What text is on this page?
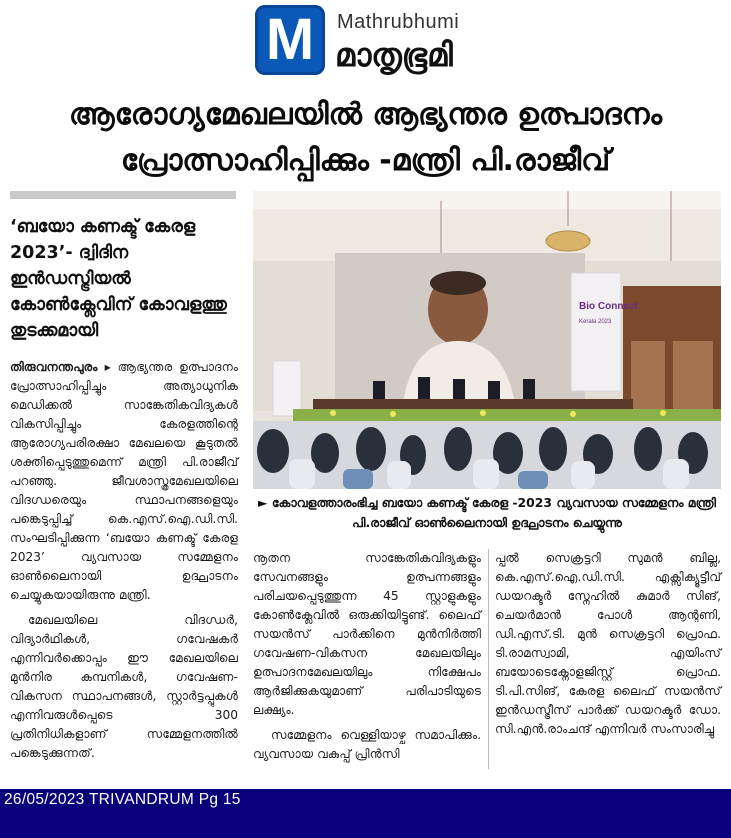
M	Mathrubhumi
മാതൃഭൂമി
ആരോഗ്യമേഖലയിൽ ആഭ്യന്തര ഉത്പാദനം
പ്രോത്സാഹിപ്പിക്കും -മന്ത്രി പി.രാജീവ്
‘ബയോ കണക്ട് കേരള 2023’- ദ്വിദിന ഇൻഡസ്ട്രിയൽ കോൺക്ലേവിന് കോവളത്തു തുടക്കമായി

തിരുവനന്തപുരം ▸ ആഭ്യന്തര ഉത്പാദനം പ്രോത്സാഹിപ്പിച്ചും അത്യാധുനിക മെഡിക്കൽ സാങ്കേതികവിദ്യകൾ വികസിപ്പിച്ചും കേരളത്തിന്റെ ആരോഗ്യപരിരക്ഷാ മേഖലയെ കൂടുതൽ ശക്തിപ്പെടുത്തുമെന്ന് മന്ത്രി പി.രാജീവ് പറഞ്ഞു. ജീവശാസ്ത്രമേഖലയിലെ വിദഗ്ധരെയും സ്ഥാപനങ്ങളെയും പങ്കെടുപ്പിച്ച് കെ.എസ്.ഐ.ഡി.സി. സംഘടിപ്പിക്കുന്ന ‘ബയോ കണക്ട് കേരള 2023’ വ്യവസായ സമ്മേളനം ഓൺലൈനായി ഉദ്ഘാടനം ചെയ്യുകയായിരുന്നു മന്ത്രി.

മേഖലയിലെ വിദഗ്ധർ, വിദ്യാർഥികൾ, ഗവേഷകർ എന്നിവർക്കൊപ്പം ഈ മേഖലയിലെ മുൻനിര കമ്പനികൾ, ഗവേഷണ-വികസന സ്ഥാപനങ്ങൾ, സ്റ്റാർട്ടപ്പുകൾ എന്നിവരുൾപ്പെടെ 300 പ്രതിനിധികളാണ് സമ്മേളനത്തിൽ പങ്കെടുക്കുന്നത്.

Bio Connect
Kerala 2023
► കോവളത്താരംഭിച്ച ബയോ കണക്ട് കേരള -2023 വ്യവസായ സമ്മേളനം മന്ത്രി പി.രാജീവ് ഓൺലൈനായി ഉദ്ഘാടനം ചെയ്യുന്നു

നൂതന സാങ്കേതികവിദ്യകളും സേവനങ്ങളും ഉത്പന്നങ്ങളും പരിചയപ്പെടുത്തുന്ന 45 സ്റ്റാളുകളും കോൺക്ലേവിൽ ഒരുക്കിയിട്ടുണ്ട്. ലൈഫ് സയൻസ് പാർക്കിനെ മുൻനിർത്തി ഗവേഷണ-വികസന മേഖലയിലും ഉത്പാദനമേഖലയിലും നിക്ഷേപം ആർജിക്കുകയുമാണ് പരിപാടിയുടെ ലക്ഷ്യം.

സമ്മേളനം വെള്ളിയാഴ്ച സമാപിക്കും. വ്യവസായ വകുപ്പ് പ്രിൻസി

പ്പൽ സെക്രട്ടറി സുമൻ ബില്ല, കെ.എസ്.ഐ.ഡി.സി. എക്സിക്യൂട്ടീവ് ഡയറക്ടർ സ്നേഹിൽ കുമാർ സിങ്, ചെയർമാൻ പോൾ ആന്റണി, ഡി.എസ്.ടി. മുൻ സെക്രട്ടറി പ്രൊഫ. ടി.രാമസ്വാമി, എയിംസ് ബയോടെക്നോളജിസ്റ്റ് പ്രൊഫ. ടി.പി.സിങ്, കേരള ലൈഫ് സയൻസ് ഇൻഡസ്ട്രീസ് പാർക്ക് ഡയറക്ടർ ഡോ. സി.എൻ.രാംചന്ദ് എന്നിവർ സംസാരിച്ചു

26/05/2023 TRIVANDRUM Pg 15
